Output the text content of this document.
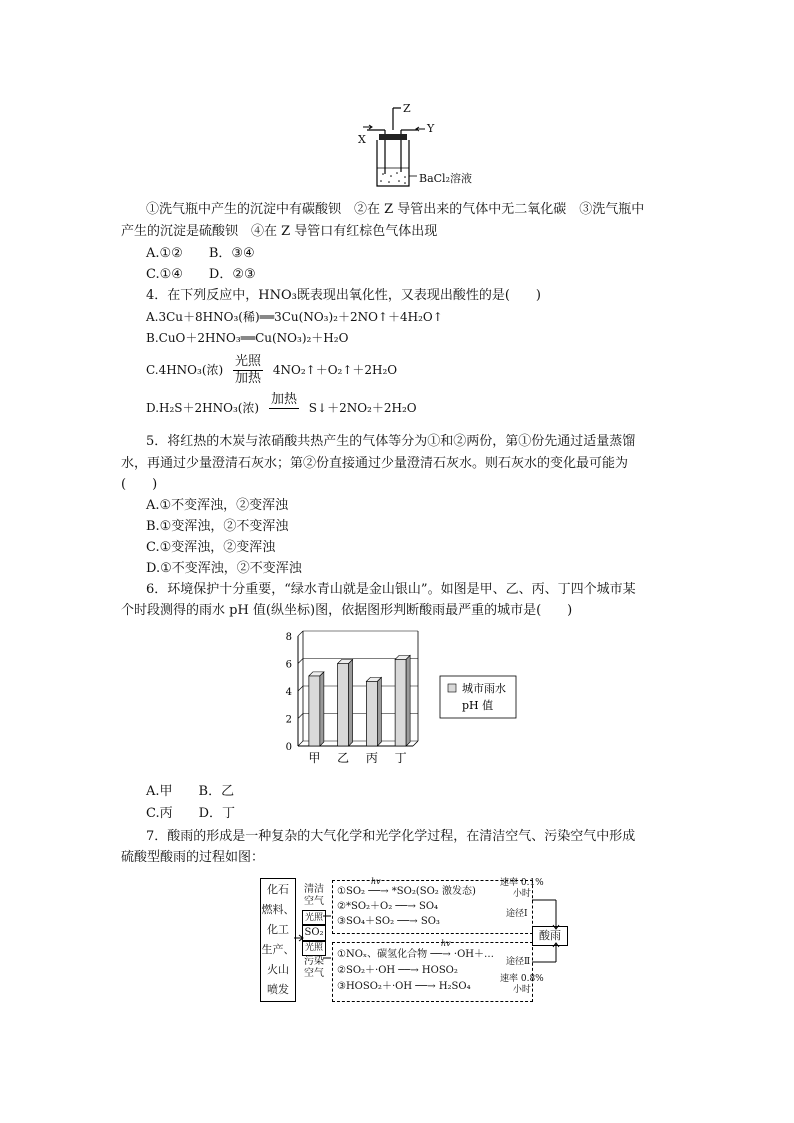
Z
X
Y
BaCl₂溶液
①洗气瓶中产生的沉淀中有碳酸钡　②在 Z 导管出来的气体中无二氧化碳　③洗气瓶中
产生的沉淀是硫酸钡　④在 Z 导管口有红棕色气体出现
A.①②　　B．③④
C.①④　　D．②③
4．在下列反应中，HNO₃既表现出氧化性，又表现出酸性的是(　　)
A.3Cu＋8HNO₃(稀)══3Cu(NO₃)₂＋2NO↑＋4H₂O↑
B.CuO＋2HNO₃══Cu(NO₃)₂＋H₂O
C.4HNO₃(浓) $\frac{\text{光照}}{\text{加热}}$ 4NO₂↑＋O₂↑＋2H₂O
D.H₂S＋2HNO₃(浓)
加热

S↓＋2NO₂＋2H₂O
5．将红热的木炭与浓硝酸共热产生的气体等分为①和②两份，第①份先通过适量蒸馏
水，再通过少量澄清石灰水；第②份直接通过少量澄清石灰水。则石灰水的变化最可能为
(　　)
A.①不变浑浊，②变浑浊
B.①变浑浊，②不变浑浊
C.①变浑浊，②变浑浊
D.①不变浑浊，②不变浑浊
6．环境保护十分重要，“绿水青山就是金山银山”。如图是甲、乙、丙、丁四个城市某
个时段测得的雨水 pH 值(纵坐标)图，依据图形判断酸雨最严重的城市是(　　)
0
2
4
6
8
甲 乙 丙 丁
城市雨水
pH 值
A.甲　　B．乙
C.丙　　D．丁
7．酸雨的形成是一种复杂的大气化学和光学化学过程，在清洁空气、污染空气中形成
硫酸型酸雨的过程如图：
化石
燃料、
化工
生产、
火山
喷发
清洁
空气
光照
SO₂
光照
污染
空气
hv
①SO₂ ──→ *SO₂(SO₂ 激发态)
②*SO₂＋O₂ ──→ SO₄
③SO₄＋SO₂ ──→ SO₃
hv
①NOₓ、碳氢化合物 ──→ ·OH＋…
②SO₂＋·OH ──→ HOSO₂
③HOSO₂＋·OH ──→ H₂SO₄
速率 0.1%
小时
途径Ⅰ
酸雨
途径Ⅱ
速率 0.8%
小时
